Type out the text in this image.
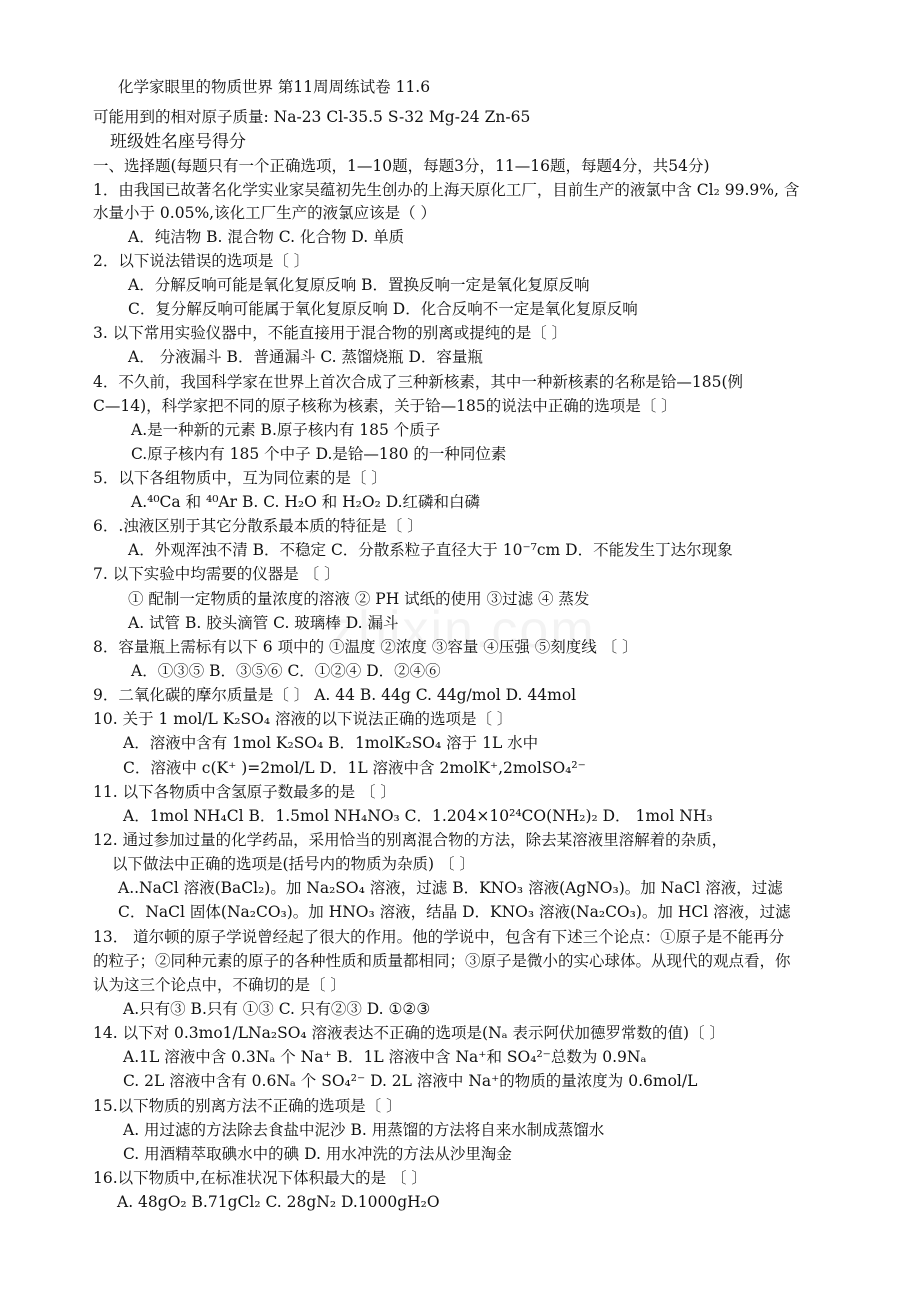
化学家眼里的物质世界 第11周周练试卷 11.6
可能用到的相对原子质量: Na-23 Cl-35.5 S-32 Mg-24 Zn-65
班级姓名座号得分
一、选择题(每题只有一个正确选项，1—10题，每题3分，11—16题，每题4分，共54分)
1．由我国已故著名化学实业家吴蕴初先生创办的上海天原化工厂，目前生产的液氯中含 Cl₂ 99.9%, 含
水量小于 0.05%,该化工厂生产的液氯应该是（ ）
A．纯洁物 B. 混合物 C. 化合物 D. 单质
2．以下说法错误的选项是〔 〕
A．分解反响可能是氧化复原反响 B．置换反响一定是氧化复原反响
C．复分解反响可能属于氧化复原反响 D．化合反响不一定是氧化复原反响
3. 以下常用实验仪器中，不能直接用于混合物的别离或提纯的是〔 〕
A． 分液漏斗 B．普通漏斗 C. 蒸馏烧瓶 D．容量瓶
4．不久前，我国科学家在世界上首次合成了三种新核素，其中一种新核素的名称是铪—185(例
C—14)，科学家把不同的原子核称为核素，关于铪—185的说法中正确的选项是〔 〕
A.是一种新的元素 B.原子核内有 185 个质子
C.原子核内有 185 个中子 D.是铪—180 的一种同位素
5．以下各组物质中，互为同位素的是〔 〕
A.⁴⁰Ca 和 ⁴⁰Ar B. C. H₂O 和 H₂O₂ D.红磷和白磷
6．.浊液区别于其它分散系最本质的特征是〔 〕
A．外观浑浊不清 B．不稳定 C．分散系粒子直径大于 10⁻⁷cm D．不能发生丁达尔现象
7. 以下实验中均需要的仪器是 〔 〕
① 配制一定物质的量浓度的溶液 ② PH 试纸的使用 ③过滤 ④ 蒸发
A. 试管 B. 胶头滴管 C. 玻璃棒 D. 漏斗
8．容量瓶上需标有以下 6 项中的 ①温度 ②浓度 ③容量 ④压强 ⑤刻度线 〔 〕
A．①③⑤ B．③⑤⑥ C．①②④ D．②④⑥
9．二氧化碳的摩尔质量是〔 〕 A. 44 B. 44g C. 44g/mol D. 44mol
10. 关于 1 mol/L K₂SO₄ 溶液的以下说法正确的选项是〔 〕
A．溶液中含有 1mol K₂SO₄ B．1molK₂SO₄ 溶于 1L 水中
C．溶液中 c(K⁺ )=2mol/L D．1L 溶液中含 2molK⁺,2molSO₄²⁻
11. 以下各物质中含氢原子数最多的是 〔 〕
A．1mol NH₄Cl B．1.5mol NH₄NO₃ C．1.204×10²⁴CO(NH₂)₂ D． 1mol NH₃
12. 通过参加过量的化学药品，采用恰当的别离混合物的方法，除去某溶液里溶解着的杂质，
以下做法中正确的选项是(括号内的物质为杂质) 〔 〕
A..NaCl 溶液(BaCl₂)。加 Na₂SO₄ 溶液，过滤 B．KNO₃ 溶液(AgNO₃)。加 NaCl 溶液，过滤
C．NaCl 固体(Na₂CO₃)。加 HNO₃ 溶液，结晶 D．KNO₃ 溶液(Na₂CO₃)。加 HCl 溶液，过滤
13． 道尔顿的原子学说曾经起了很大的作用。他的学说中，包含有下述三个论点：①原子是不能再分
的粒子；②同种元素的原子的各种性质和质量都相同；③原子是微小的实心球体。从现代的观点看，你
认为这三个论点中，不确切的是〔 〕
A.只有③ B.只有 ①③ C. 只有②③ D. ①②③
14. 以下对 0.3mo1/LNa₂SO₄ 溶液表达不正确的选项是(Nₐ 表示阿伏加德罗常数的值)〔 〕
A.1L 溶液中含 0.3Nₐ 个 Na⁺ B．1L 溶液中含 Na⁺和 SO₄²⁻总数为 0.9Nₐ
C. 2L 溶液中含有 0.6Nₐ 个 SO₄²⁻ D. 2L 溶液中 Na⁺的物质的量浓度为 0.6mol/L
15.以下物质的别离方法不正确的选项是〔 〕
A. 用过滤的方法除去食盐中泥沙 B. 用蒸馏的方法将自来水制成蒸馏水
C. 用酒精萃取碘水中的碘 D. 用水冲洗的方法从沙里淘金
16.以下物质中,在标准状况下体积最大的是 〔 〕
A. 48gO₂ B.71gCl₂ C. 28gN₂ D.1000gH₂O
